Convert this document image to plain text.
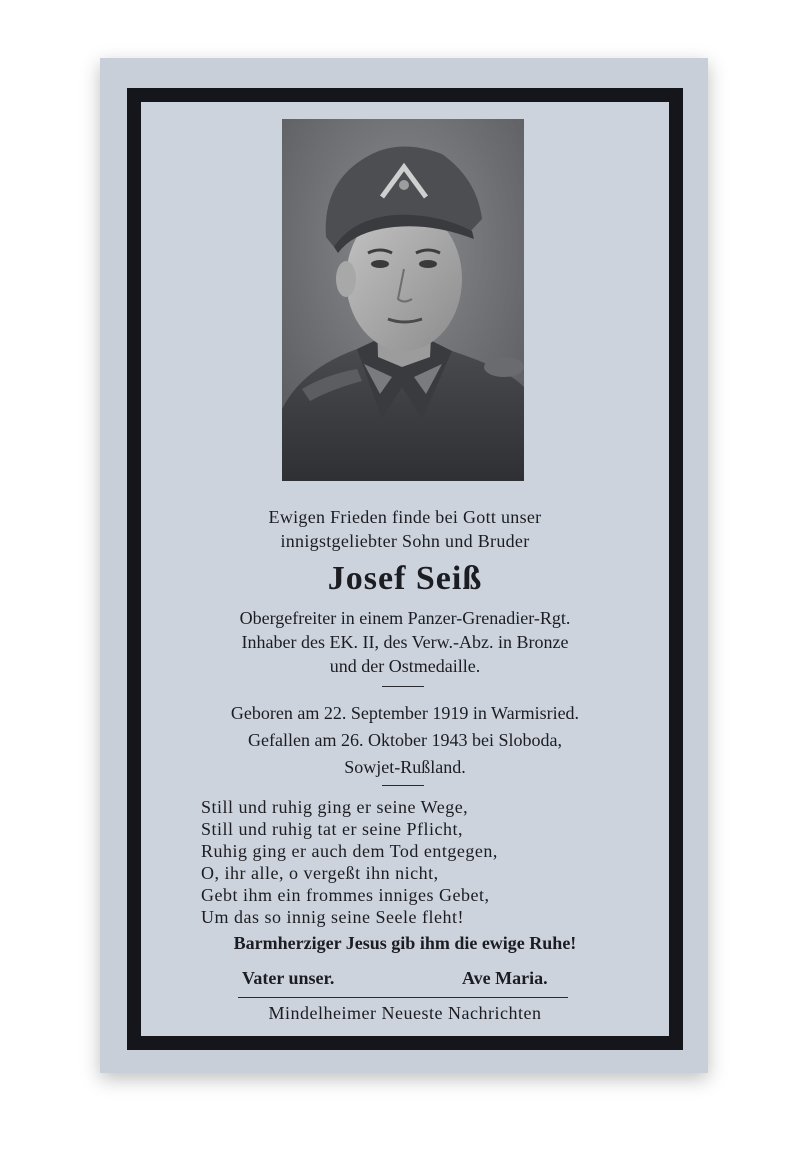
Ewigen Frieden finde bei Gott unser
innigstgeliebter Sohn und Bruder

Josef Seiß

Obergefreiter in einem Panzer-Grenadier-Rgt.
Inhaber des EK. II, des Verw.-Abz. in Bronze
und der Ostmedaille.

Geboren am 22. September 1919 in Warmisried.
Gefallen am 26. Oktober 1943 bei Sloboda,
Sowjet-Rußland.

Still und ruhig ging er seine Wege,
Still und ruhig tat er seine Pflicht,
Ruhig ging er auch dem Tod entgegen,
O, ihr alle, o vergeßt ihn nicht,
Gebt ihm ein frommes inniges Gebet,
Um das so innig seine Seele fleht!

Barmherziger Jesus gib ihm die ewige Ruhe!

Vater unser.	Ave Maria.

Mindelheimer Neueste Nachrichten
